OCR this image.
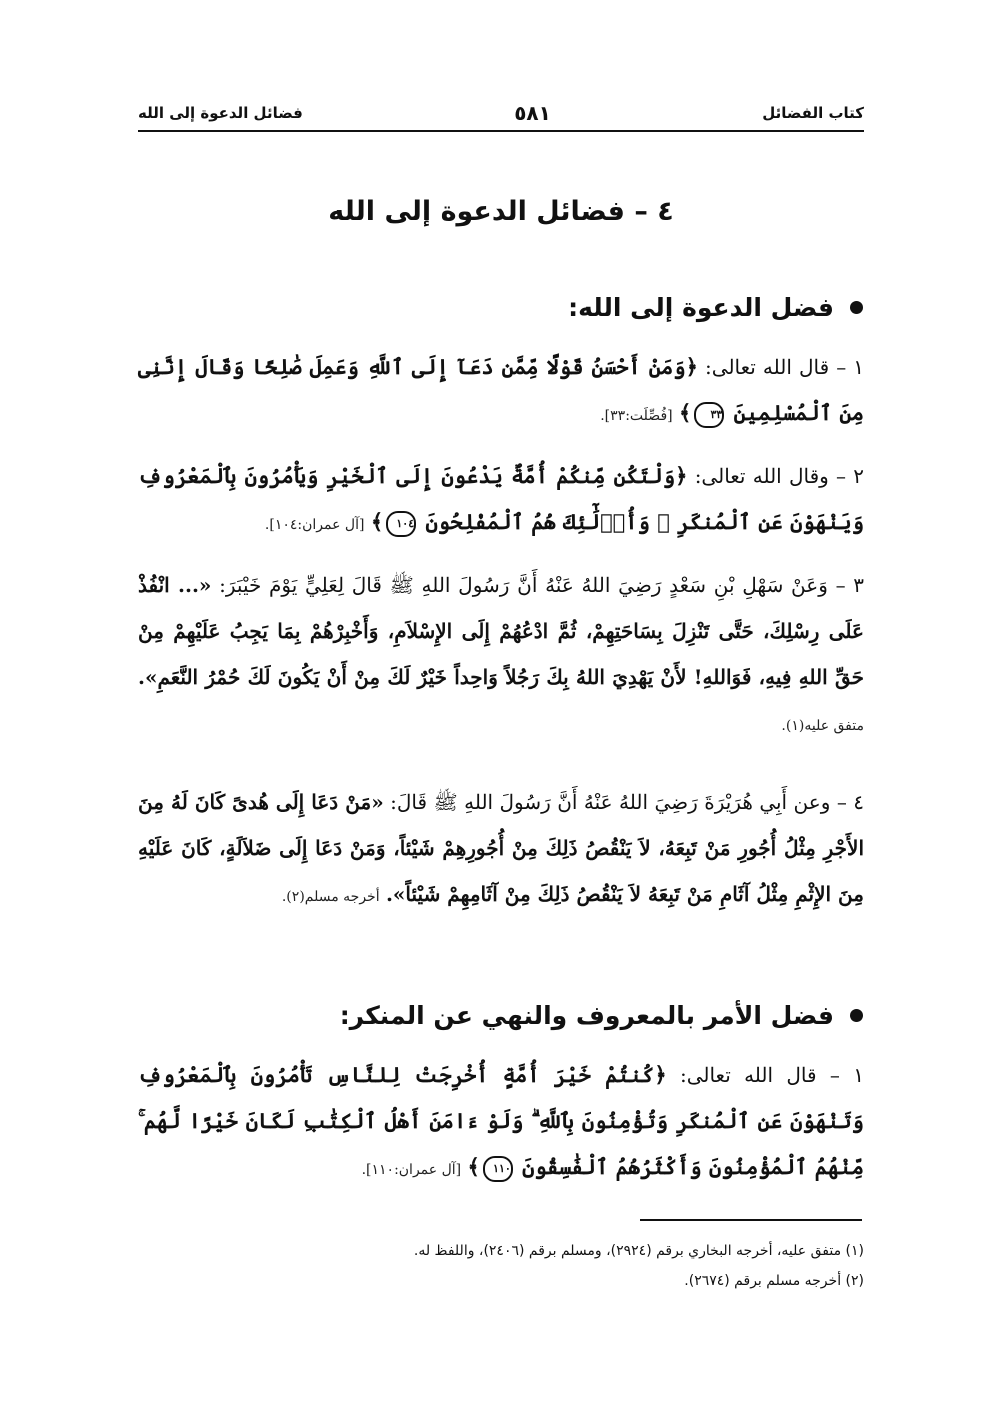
كتاب الفضائل
٥٨١
فضائل الدعوة إلى الله
٤ – فضائل الدعوة إلى الله
فضل الدعوة إلى الله:
١ – قال الله تعالى: ﴿وَمَنْ أَحْسَنُ قَوْلًا مِّمَّن دَعَآ إِلَى ٱللَّهِ وَعَمِلَ صَٰلِحًا وَقَالَ إِنَّنِى مِنَ ٱلْمُسْلِمِينَ ٣٣﴾ [فُصِّلَت:٣٣].
٢ – وقال الله تعالى: ﴿وَلْتَكُن مِّنكُمْ أُمَّةٌ يَدْعُونَ إِلَى ٱلْخَيْرِ وَيَأْمُرُونَ بِٱلْمَعْرُوفِ وَيَنْهَوْنَ عَنِ ٱلْمُنكَرِ ۚ وَأُو۟لَٰٓئِكَ هُمُ ٱلْمُفْلِحُونَ ١٠٤﴾ [آل عمران:١٠٤].
٣ – وَعَنْ سَهْلِ بْنِ سَعْدٍ رَضِيَ اللهُ عَنْهُ أَنَّ رَسُولَ اللهِ ﷺ قَالَ لِعَلِيٍّ يَوْمَ خَيْبَرَ: «... انْفُذْ عَلَى رِسْلِكَ، حَتَّى تَنْزِلَ بِسَاحَتِهِمْ، ثُمَّ ادْعُهُمْ إِلَى الإِسْلاَمِ، وَأَخْبِرْهُمْ بِمَا يَجِبُ عَلَيْهِمْ مِنْ حَقِّ اللهِ فِيهِ، فَوَاللهِ! لأَنْ يَهْدِيَ اللهُ بِكَ رَجُلاً وَاحِداً خَيْرٌ لَكَ مِنْ أَنْ يَكُونَ لَكَ حُمْرُ النَّعَمِ». متفق عليه(١).
٤ – وعن أَبِي هُرَيْرَةَ رَضِيَ اللهُ عَنْهُ أَنَّ رَسُولَ اللهِ ﷺ قَالَ: «مَنْ دَعَا إِلَى هُدىً كَانَ لَهُ مِنَ الأَجْرِ مِثْلُ أُجُورِ مَنْ تَبِعَهُ، لاَ يَنْقُصُ ذَلِكَ مِنْ أُجُورِهِمْ شَيْئاً، وَمَنْ دَعَا إِلَى ضَلاَلَةٍ، كَانَ عَلَيْهِ مِنَ الإِثْمِ مِثْلُ آثَامِ مَنْ تَبِعَهُ لاَ يَنْقُصُ ذَلِكَ مِنْ آثَامِهِمْ شَيْئاً». أخرجه مسلم(٢).
فضل الأمر بالمعروف والنهي عن المنكر:
١ – قال الله تعالى: ﴿كُنتُمْ خَيْرَ أُمَّةٍ أُخْرِجَتْ لِلنَّاسِ تَأْمُرُونَ بِٱلْمَعْرُوفِ وَتَنْهَوْنَ عَنِ ٱلْمُنكَرِ وَتُؤْمِنُونَ بِٱللَّهِ ۗ وَلَوْ ءَامَنَ أَهْلُ ٱلْكِتَٰبِ لَكَانَ خَيْرًا لَّهُم ۚ مِّنْهُمُ ٱلْمُؤْمِنُونَ وَأَكْثَرُهُمُ ٱلْفَٰسِقُونَ ١١٠﴾ [آل عمران:١١٠].
(١) متفق عليه، أخرجه البخاري برقم (٢٩٢٤)، ومسلم برقم (٢٤٠٦)، واللفظ له.
(٢) أخرجه مسلم برقم (٢٦٧٤).
